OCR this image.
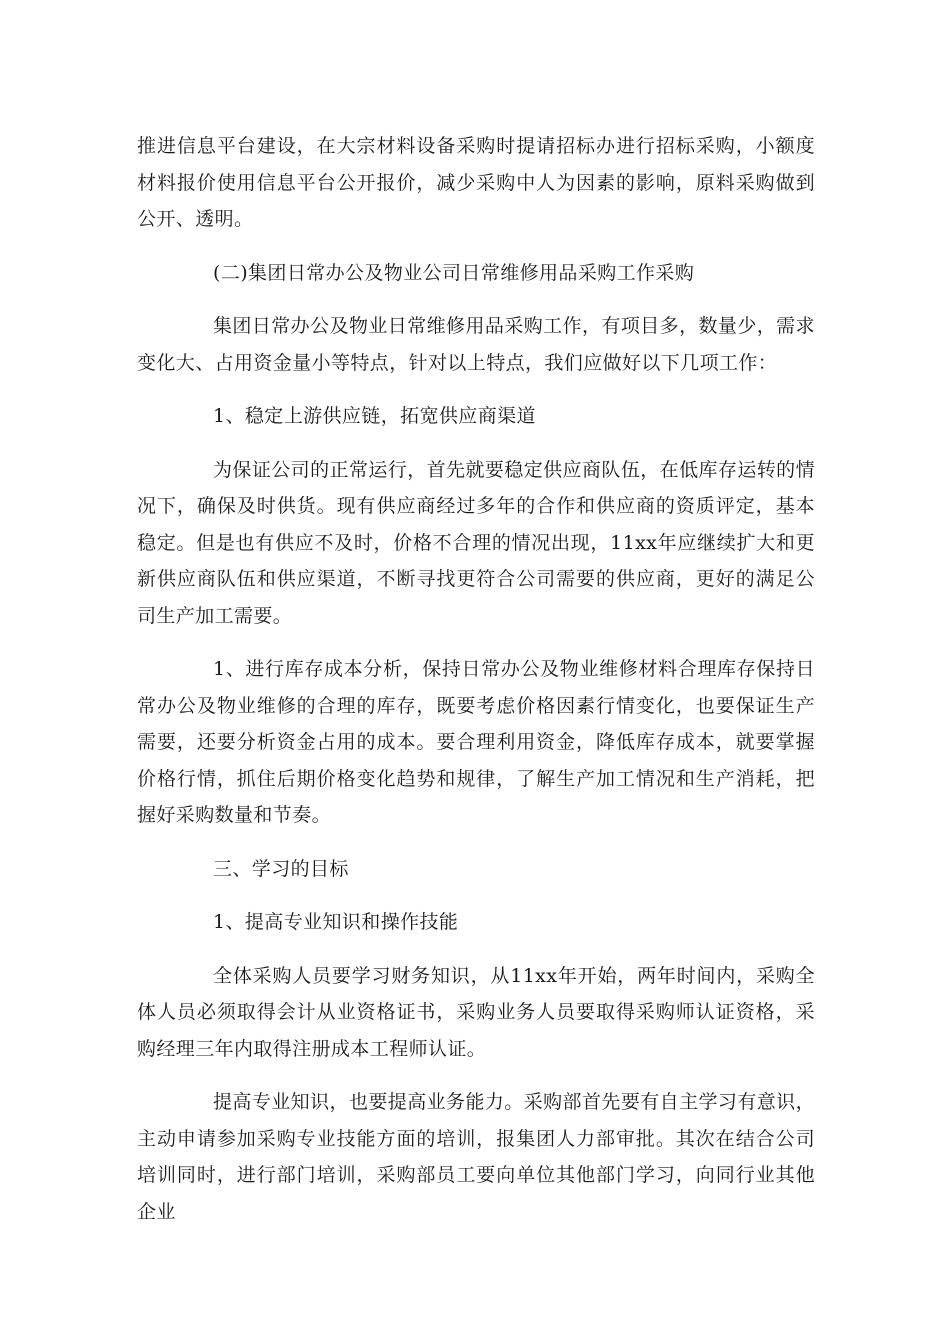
推进信息平台建设，在大宗材料设备采购时提请招标办进行招标采购，小额度材料报价使用信息平台公开报价，减少采购中人为因素的影响，原料采购做到公开、透明。

(二)集团日常办公及物业公司日常维修用品采购工作采购

集团日常办公及物业日常维修用品采购工作，有项目多，数量少，需求变化大、占用资金量小等特点，针对以上特点，我们应做好以下几项工作：

1、稳定上游供应链，拓宽供应商渠道

为保证公司的正常运行，首先就要稳定供应商队伍，在低库存运转的情况下，确保及时供货。现有供应商经过多年的合作和供应商的资质评定，基本稳定。但是也有供应不及时，价格不合理的情况出现，11xx年应继续扩大和更新供应商队伍和供应渠道，不断寻找更符合公司需要的供应商，更好的满足公司生产加工需要。

1、进行库存成本分析，保持日常办公及物业维修材料合理库存保持日常办公及物业维修的合理的库存，既要考虑价格因素行情变化，也要保证生产需要，还要分析资金占用的成本。要合理利用资金，降低库存成本，就要掌握价格行情，抓住后期价格变化趋势和规律，了解生产加工情况和生产消耗，把握好采购数量和节奏。

三、学习的目标

1、提高专业知识和操作技能

全体采购人员要学习财务知识，从11xx年开始，两年时间内，采购全体人员必须取得会计从业资格证书，采购业务人员要取得采购师认证资格，采购经理三年内取得注册成本工程师认证。

提高专业知识，也要提高业务能力。采购部首先要有自主学习有意识，主动申请参加采购专业技能方面的培训，报集团人力部审批。其次在结合公司培训同时，进行部门培训，采购部员工要向单位其他部门学习，向同行业其他企业
